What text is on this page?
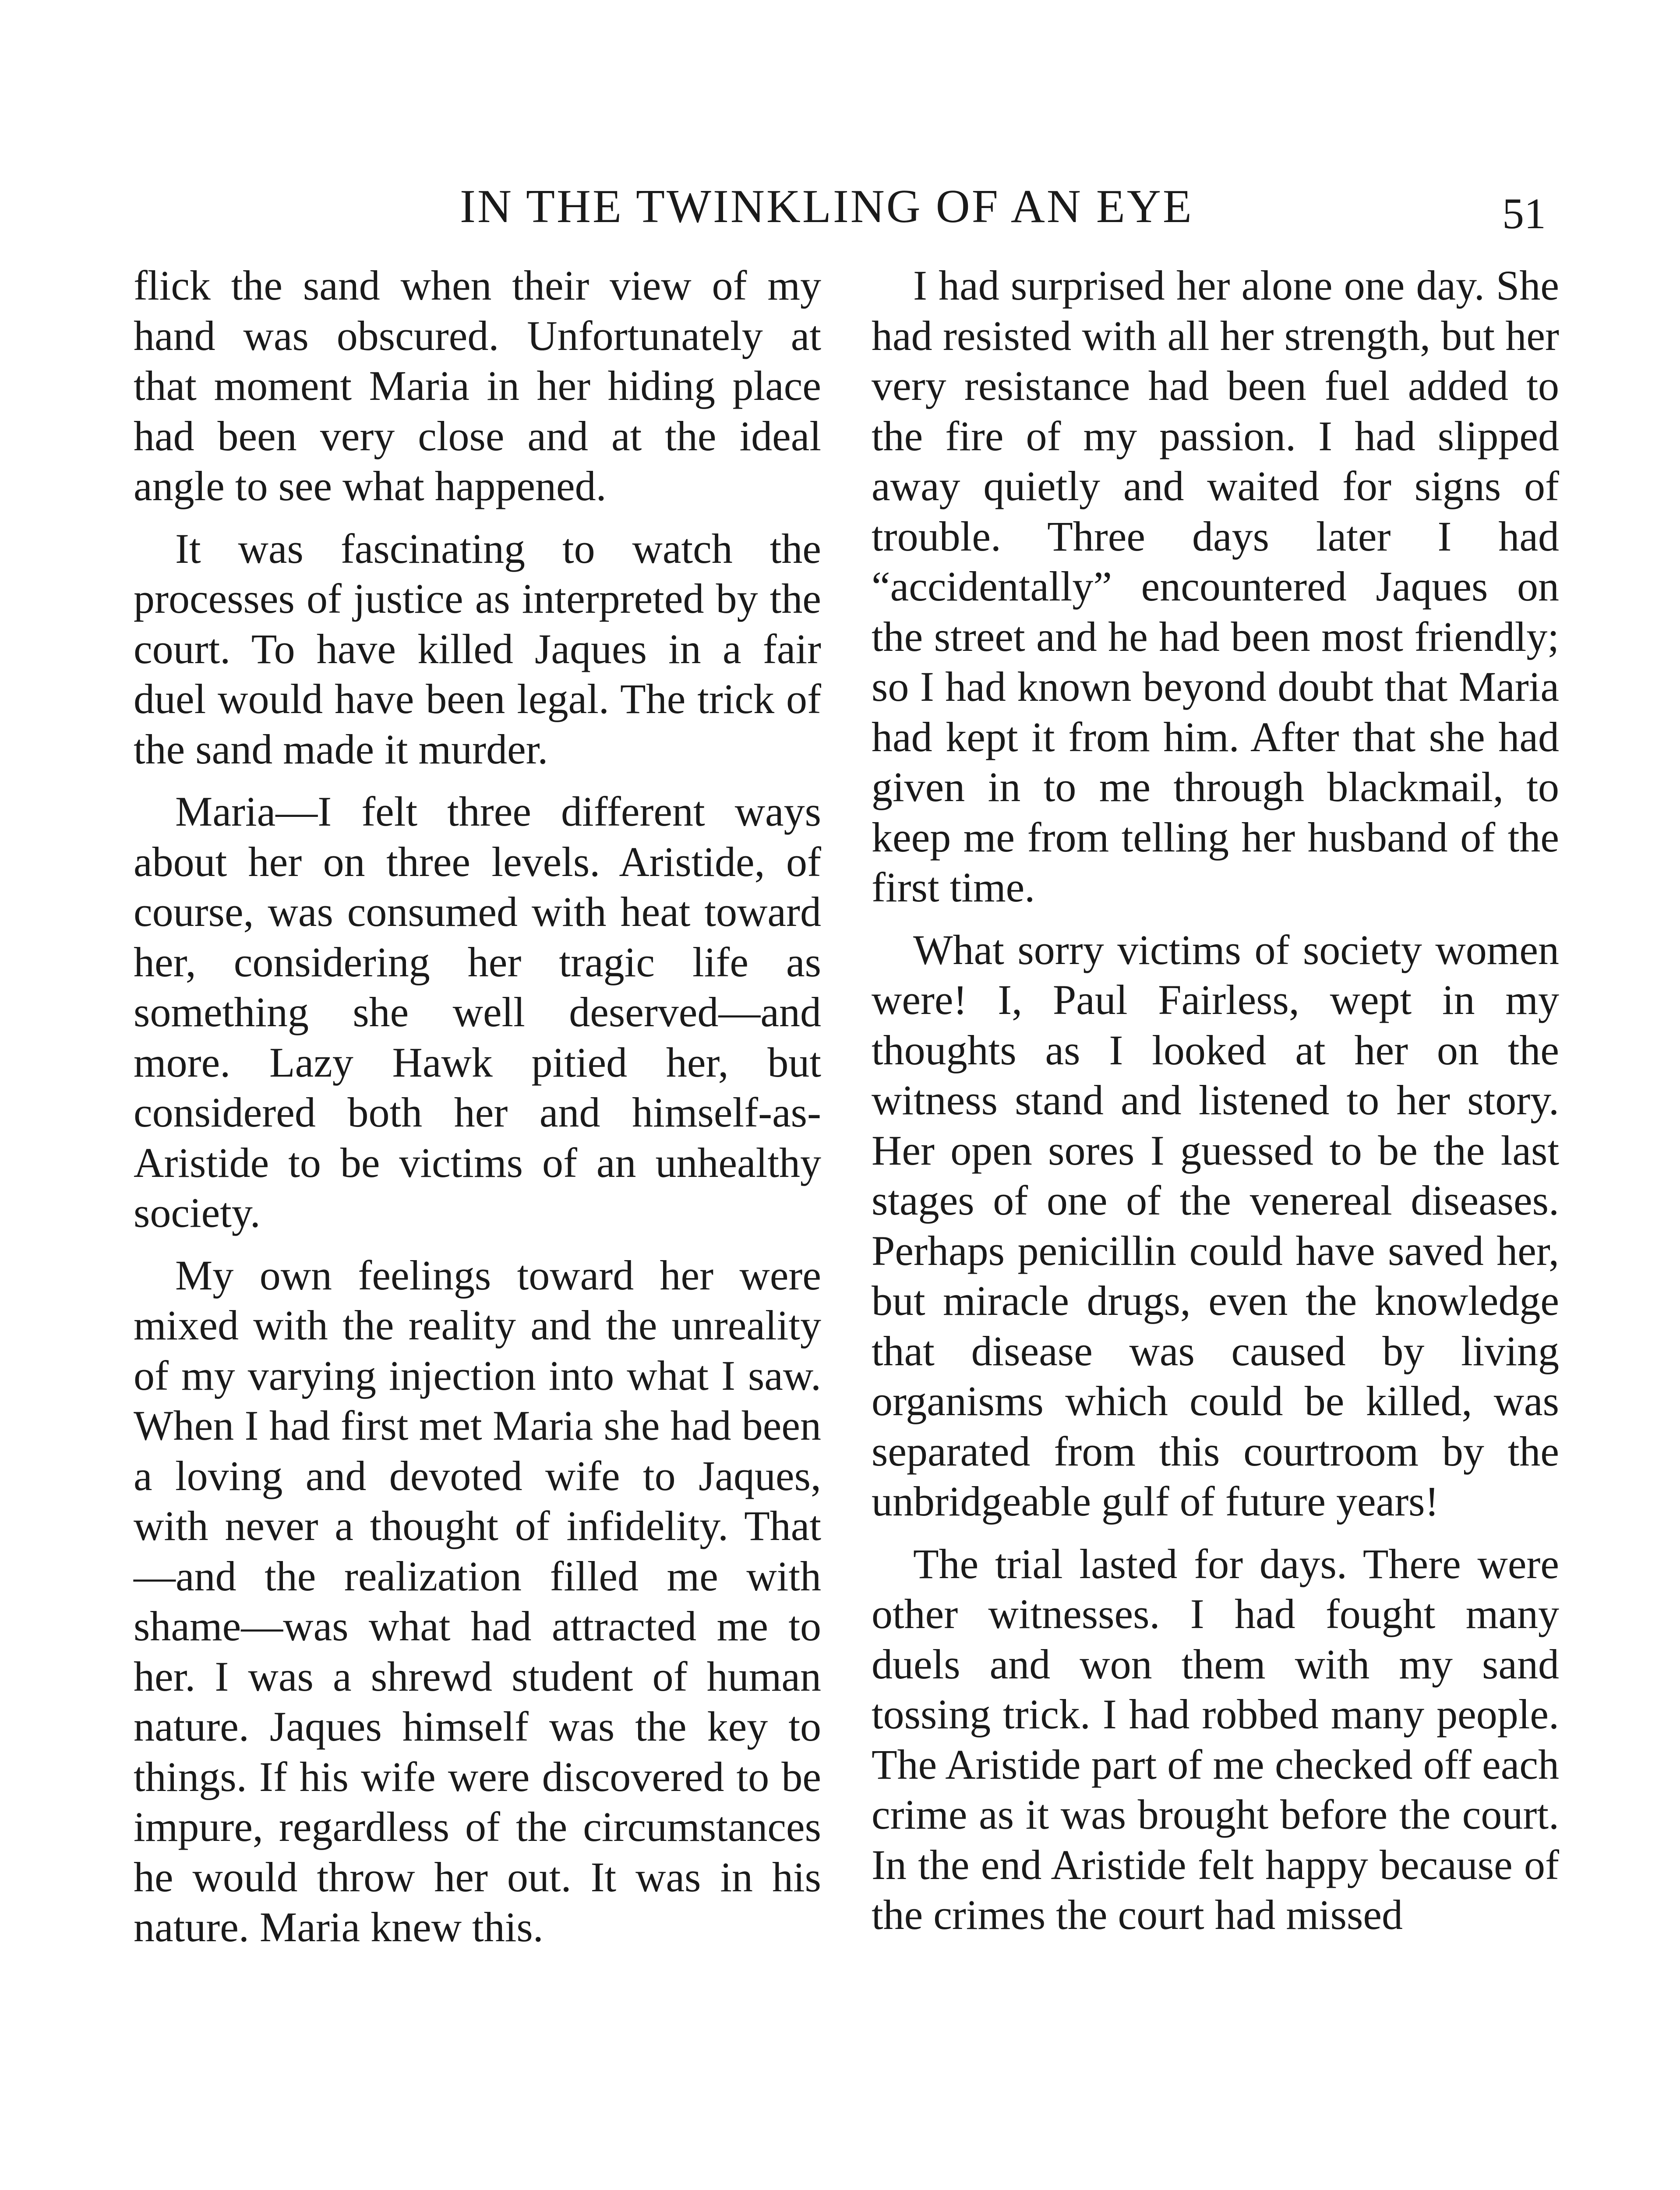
IN THE TWINKLING OF AN EYE	51

flick the sand when their view of my hand was obscured. Unfortunately at that moment Maria in her hiding place had been very close and at the ideal angle to see what happened.

It was fascinating to watch the processes of justice as interpreted by the court. To have killed Jaques in a fair duel would have been legal. The trick of the sand made it murder.

Maria—I felt three different ways about her on three levels. Aristide, of course, was consumed with heat toward her, considering her tragic life as something she well deserved—and more. Lazy Hawk pitied her, but considered both her and himself-as-Aristide to be victims of an unhealthy society.

My own feelings toward her were mixed with the reality and the unreality of my varying injection into what I saw. When I had first met Maria she had been a loving and devoted wife to Jaques, with never a thought of infidelity. That—and the realization filled me with shame—was what had attracted me to her. I was a shrewd student of human nature. Jaques himself was the key to things. If his wife were discovered to be impure, regardless of the circumstances he would throw her out. It was in his nature. Maria knew this.

I had surprised her alone one day. She had resisted with all her strength, but her very resistance had been fuel added to the fire of my passion. I had slipped away quietly and waited for signs of trouble. Three days later I had “accidentally” encountered Jaques on the street and he had been most friendly; so I had known beyond doubt that Maria had kept it from him. After that she had given in to me through blackmail, to keep me from telling her husband of the first time.

What sorry victims of society women were! I, Paul Fairless, wept in my thoughts as I looked at her on the witness stand and listened to her story. Her open sores I guessed to be the last stages of one of the venereal diseases. Perhaps penicillin could have saved her, but miracle drugs, even the knowledge that disease was caused by living organisms which could be killed, was separated from this courtroom by the unbridgeable gulf of future years!

The trial lasted for days. There were other witnesses. I had fought many duels and won them with my sand tossing trick. I had robbed many people. The Aristide part of me checked off each crime as it was brought before the court. In the end Aristide felt happy because of the crimes the court had missed
